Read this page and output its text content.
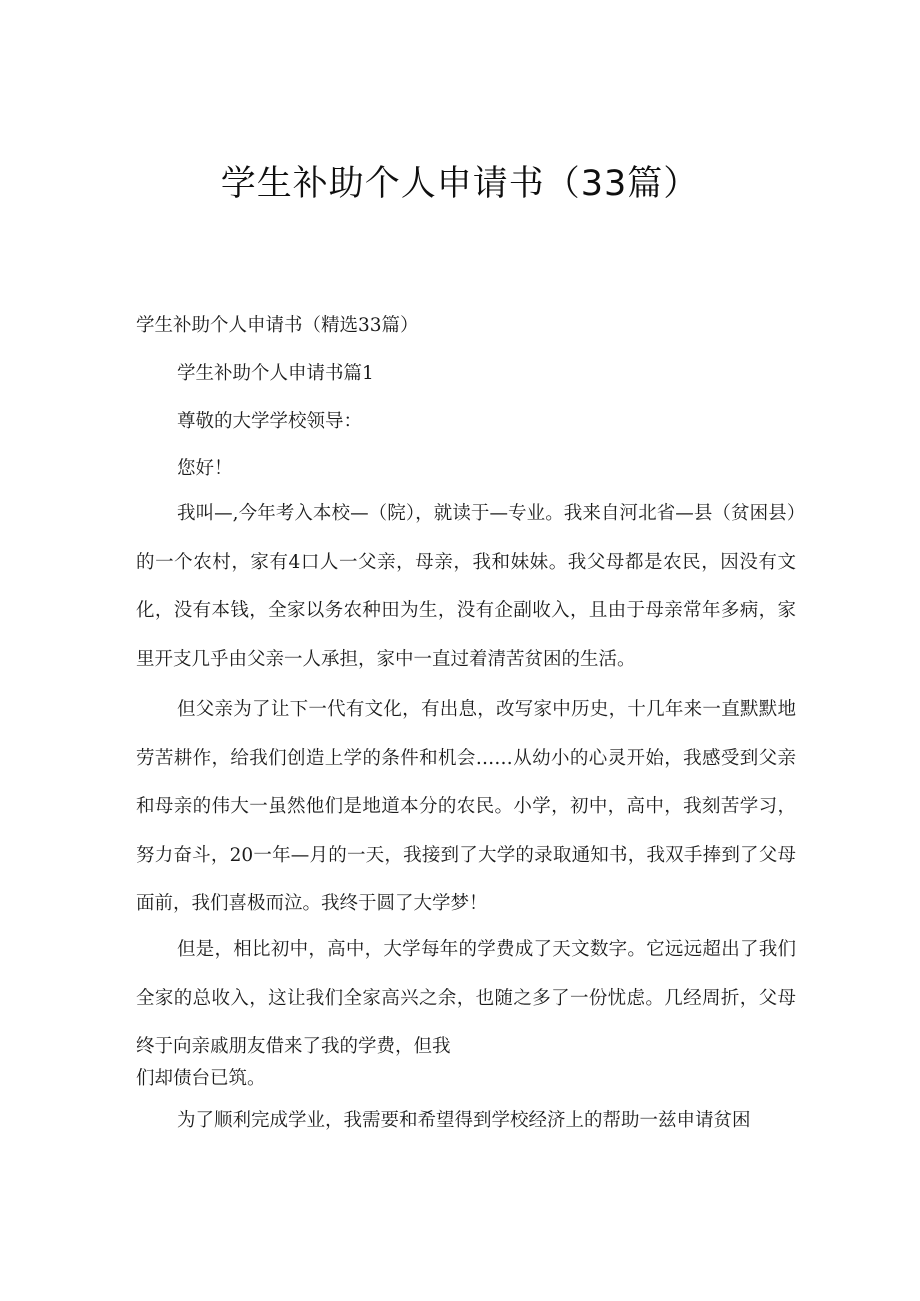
学生补助个人申请书（33篇）
学生补助个人申请书（精选33篇）
学生补助个人申请书篇1
尊敬的大学学校领导：
您好！
我叫—,今年考入本校—（院），就读于—专业。我来自河北省—县（贫困县）的一个农村，家有4口人一父亲，母亲，我和妹妹。我父母都是农民，因没有文化，没有本钱，全家以务农种田为生，没有企副收入，且由于母亲常年多病，家里开支几乎由父亲一人承担，家中一直过着清苦贫困的生活。
但父亲为了让下一代有文化，有出息，改写家中历史，十几年来一直默默地劳苦耕作，给我们创造上学的条件和机会……从幼小的心灵开始，我感受到父亲和母亲的伟大一虽然他们是地道本分的农民。小学，初中，高中，我刻苦学习，努力奋斗，20一年—月的一天，我接到了大学的录取通知书，我双手捧到了父母面前，我们喜极而泣。我终于圆了大学梦！
但是，相比初中，高中，大学每年的学费成了天文数字。它远远超出了我们全家的总收入，这让我们全家高兴之余，也随之多了一份忧虑。几经周折，父母终于向亲戚朋友借来了我的学费，但我
们却债台已筑。
为了顺利完成学业，我需要和希望得到学校经济上的帮助一兹申请贫困
